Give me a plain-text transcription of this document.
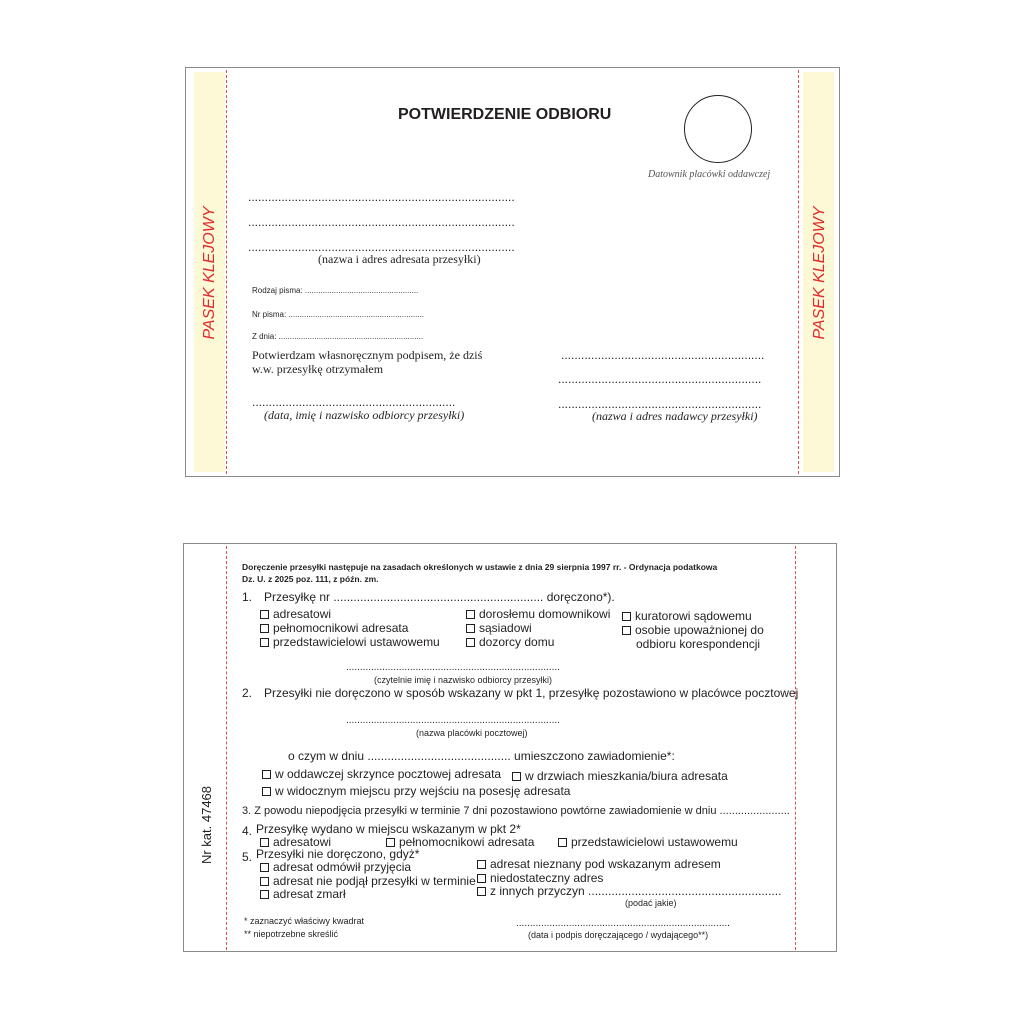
PASEK KLEJOWY	PASEK KLEJOWY
POTWIERDZENIE ODBIORU
Datownik placówki oddawczej
................................................................................
................................................................................
................................................................................
(nazwa i adres adresata przesyłki)
Rodzaj pisma: ...................................................
Nr pisma: .............................................................
Z dnia: .................................................................
Potwierdzam własnoręcznym podpisem, że dziś
w.w. przesyłkę otrzymałem
.............................................................
(data, imię i nazwisko odbiorcy przesyłki)
.............................................................
.............................................................
.............................................................
(nazwa i adres nadawcy przesyłki)
Nr kat. 47468
Doręczenie przesyłki następuje na zasadach określonych w ustawie z dnia 29 sierpnia 1997 rr. - Ordynacja podatkowa
Dz. U. z 2025 poz. 111, z późn. zm.
1. Przesyłkę nr ............................................................... doręczono*).
adresatowi
pełnomocnikowi adresata
przedstawicielowi ustawowemu
dorosłemu domownikowi
sąsiadowi
dozorcy domu
kuratorowi sądowemu
osobie upoważnionej do
odbioru korespondencji
.............................................................................
(czytelnie imię i nazwisko odbiorcy przesyłki)
2. Przesyłki nie doręczono w sposób wskazany w pkt 1, przesyłkę pozostawiono w placówce pocztowej
.............................................................................
(nazwa placówki pocztowej)
o czym w dniu ........................................... umieszczono zawiadomienie*:
w oddawczej skrzynce pocztowej adresata	w drzwiach mieszkania/biura adresata
w widocznym miejscu przy wejściu na posesję adresata
3. Z powodu niepodjęcia przesyłki w terminie 7 dni pozostawiono powtórne zawiadomienie w dniu .......................
4. Przesyłkę wydano w miejscu wskazanym w pkt 2*
adresatowi	pełnomocnikowi adresata	przedstawicielowi ustawowemu
5. Przesyłki nie doręczono, gdyż*
adresat odmówił przyjęcia
adresat nie podjął przesyłki w terminie
adresat zmarł
adresat nieznany pod wskazanym adresem
niedostateczny adres
z innych przyczyn ..........................................................
(podać jakie)
* zaznaczyć właściwy kwadrat
** niepotrzebne skreślić
.............................................................................
(data i podpis doręczającego / wydającego**)
